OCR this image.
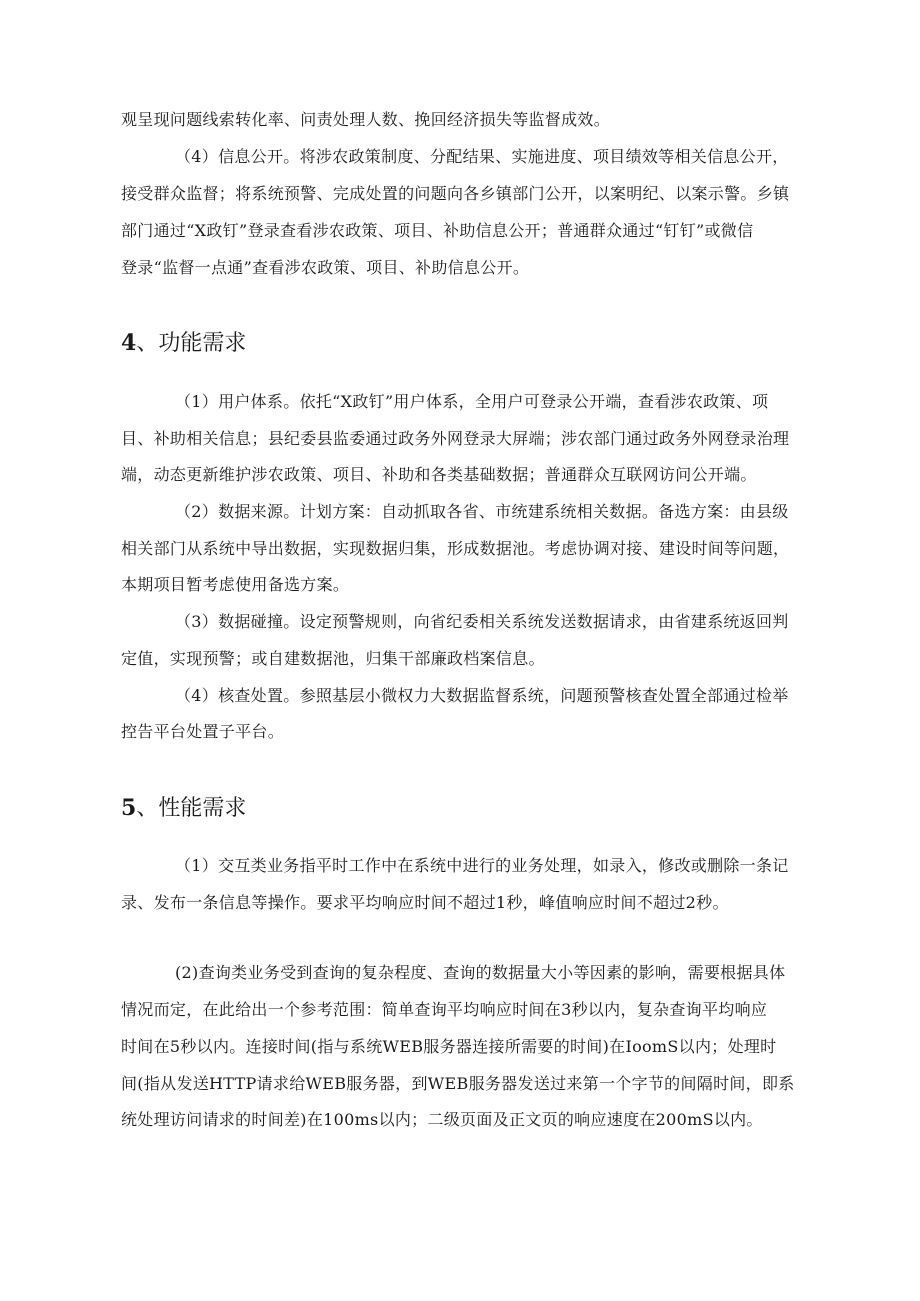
观呈现问题线索转化率、问责处理人数、挽回经济损失等监督成效。
（4）信息公开。将涉农政策制度、分配结果、实施进度、项目绩效等相关信息公开，
接受群众监督；将系统预警、完成处置的问题向各乡镇部门公开，以案明纪、以案示警。乡镇
部门通过“X政钉”登录查看涉农政策、项目、补助信息公开；普通群众通过“钉钉”或微信
登录“监督一点通”查看涉农政策、项目、补助信息公开。
4、功能需求
（1）用户体系。依托“X政钉”用户体系，全用户可登录公开端，查看涉农政策、项
目、补助相关信息；县纪委县监委通过政务外网登录大屏端；涉农部门通过政务外网登录治理
端，动态更新维护涉农政策、项目、补助和各类基础数据；普通群众互联网访问公开端。
（2）数据来源。计划方案：自动抓取各省、市统建系统相关数据。备选方案：由县级
相关部门从系统中导出数据，实现数据归集，形成数据池。考虑协调对接、建设时间等问题，
本期项目暂考虑使用备选方案。
（3）数据碰撞。设定预警规则，向省纪委相关系统发送数据请求，由省建系统返回判
定值，实现预警；或自建数据池，归集干部廉政档案信息。
（4）核查处置。参照基层小微权力大数据监督系统，问题预警核查处置全部通过检举
控告平台处置子平台。
5、性能需求
（1）交互类业务指平时工作中在系统中进行的业务处理，如录入，修改或删除一条记
录、发布一条信息等操作。要求平均响应时间不超过1秒，峰值响应时间不超过2秒。
(2)查询类业务受到查询的复杂程度、查询的数据量大小等因素的影响，需要根据具体
情况而定，在此给出一个参考范围：简单查询平均响应时间在3秒以内，复杂查询平均响应
时间在5秒以内。连接时间(指与系统WEB服务器连接所需要的时间)在IoomS以内；处理时
间(指从发送HTTP请求给WEB服务器，到WEB服务器发送过来第一个字节的间隔时间，即系
统处理访问请求的时间差)在100ms以内；二级页面及正文页的响应速度在200mS以内。
